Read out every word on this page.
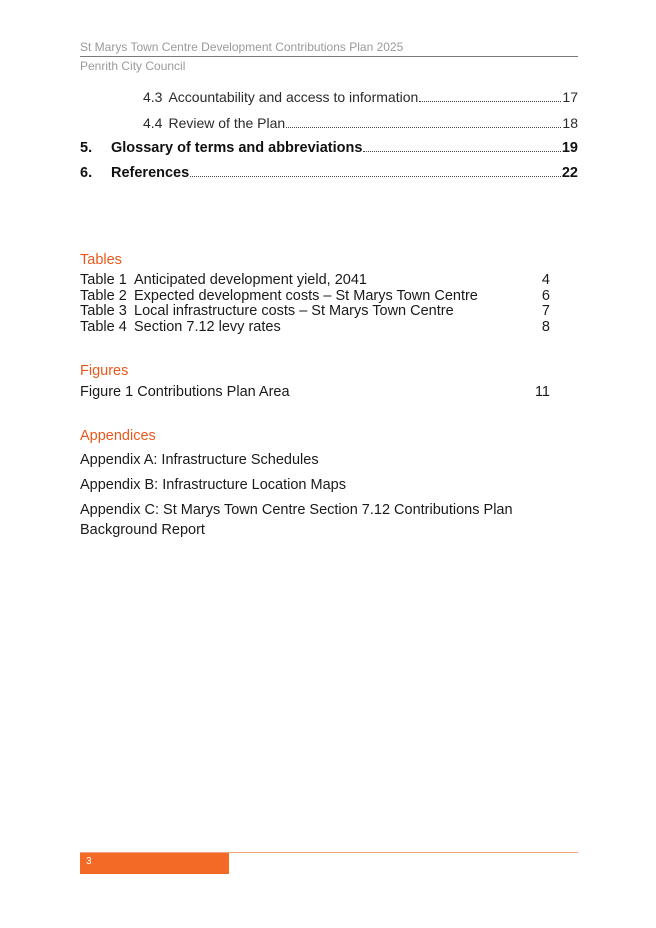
St Marys Town Centre Development Contributions Plan 2025
Penrith City Council
4.3 Accountability and access to information	17
4.4 Review of the Plan	18
5.	Glossary of terms and abbreviations	19
6.	References	22
Tables
Table 1 Anticipated development yield, 2041	4
Table 2 Expected development costs – St Marys Town Centre	6
Table 3 Local infrastructure costs – St Marys Town Centre	7
Table 4 Section 7.12 levy rates	8
Figures
Figure 1 Contributions Plan Area	11
Appendices
Appendix A: Infrastructure Schedules
Appendix B: Infrastructure Location Maps
Appendix C: St Marys Town Centre Section 7.12 Contributions Plan Background Report
3
